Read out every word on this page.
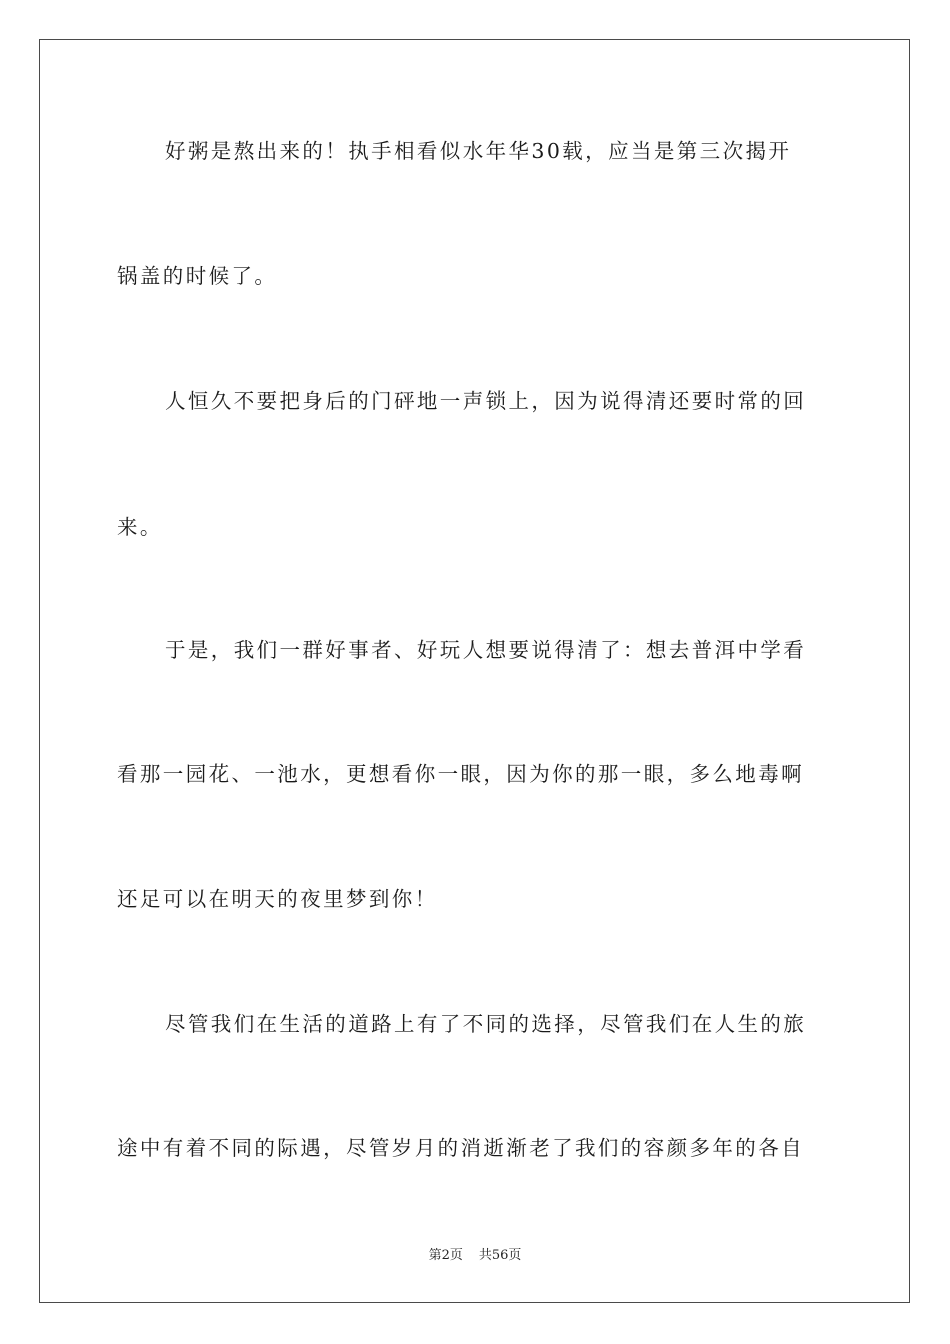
好粥是熬出来的！执手相看似水年华30载，应当是第三次揭开
锅盖的时候了。
人恒久不要把身后的门砰地一声锁上，因为说得清还要时常的回
来。
于是，我们一群好事者、好玩人想要说得清了：想去普洱中学看
看那一园花、一池水，更想看你一眼，因为你的那一眼，多么地毒啊
还足可以在明天的夜里梦到你！
尽管我们在生活的道路上有了不同的选择，尽管我们在人生的旅
途中有着不同的际遇，尽管岁月的消逝渐老了我们的容颜多年的各自
第2页 共56页
